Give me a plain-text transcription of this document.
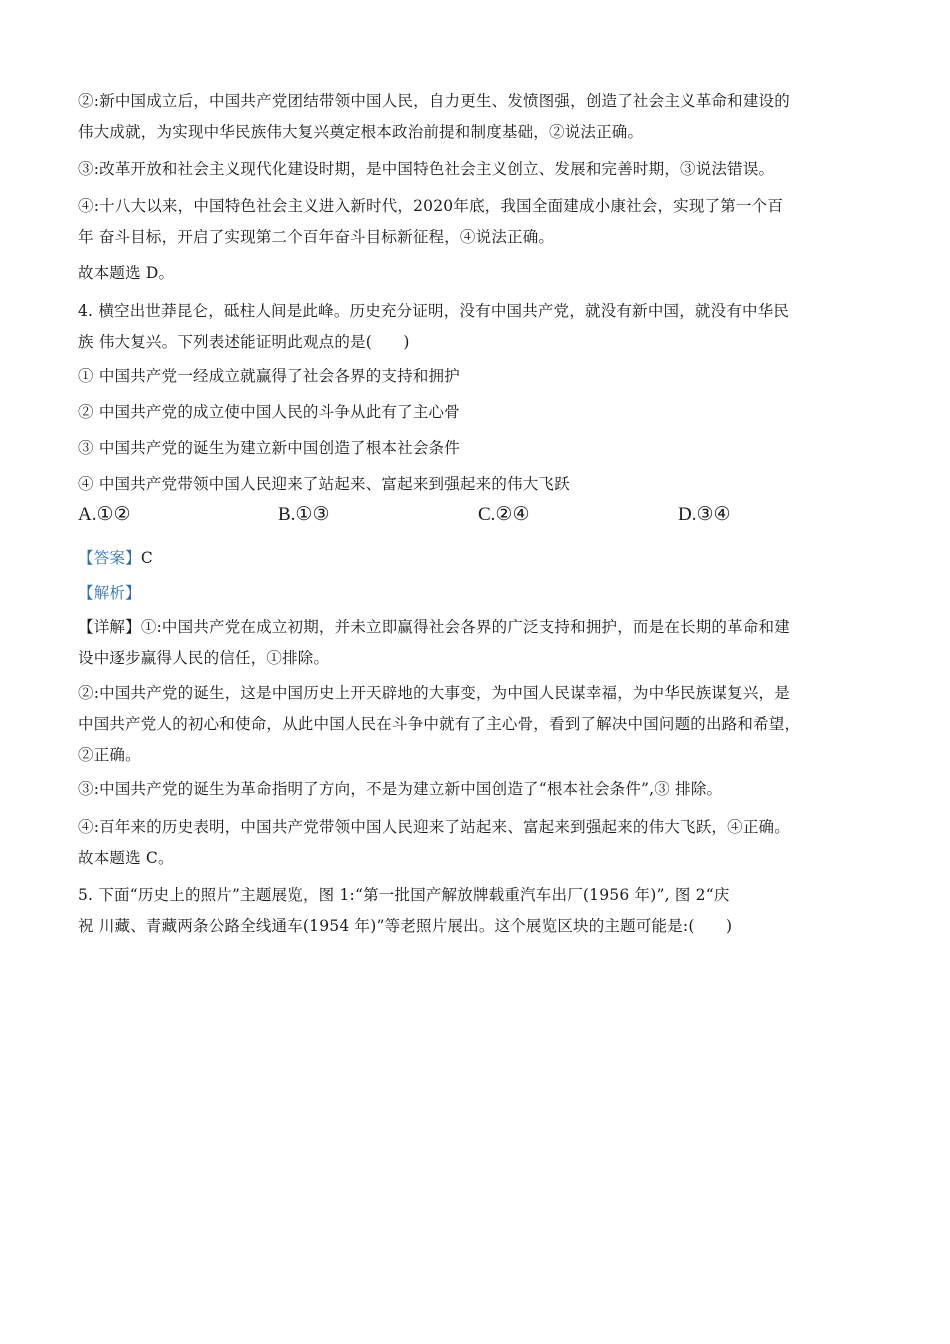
②:新中国成立后，中国共产党团结带领中国人民，自力更生、发愤图强，创造了社会主义革命和建设的
伟大成就，为实现中华民族伟大复兴奠定根本政治前提和制度基础，②说法正确。

③:改革开放和社会主义现代化建设时期，是中国特色社会主义创立、发展和完善时期，③说法错误。

④:十八大以来，中国特色社会主义进入新时代，2020年底，我国全面建成小康社会，实现了第一个百
年 奋斗目标，开启了实现第二个百年奋斗目标新征程，④说法正确。

故本题选 D。

4. 横空出世莽昆仑，砥柱人间是此峰。历史充分证明，没有中国共产党，就没有新中国，就没有中华民
族 伟大复兴。下列表述能证明此观点的是(　　)

① 中国共产党一经成立就赢得了社会各界的支持和拥护

② 中国共产党的成立使中国人民的斗争从此有了主心骨

③ 中国共产党的诞生为建立新中国创造了根本社会条件

④ 中国共产党带领中国人民迎来了站起来、富起来到强起来的伟大飞跃

A.①②	B.①③	C.②④	D.③④

【答案】C

【解析】

【详解】①:中国共产党在成立初期，并未立即赢得社会各界的广泛支持和拥护，而是在长期的革命和建
设中逐步赢得人民的信任，①排除。

②:中国共产党的诞生，这是中国历史上开天辟地的大事变，为中国人民谋幸福，为中华民族谋复兴，是
中国共产党人的初心和使命，从此中国人民在斗争中就有了主心骨，看到了解决中国问题的出路和希望，
②正确。

③:中国共产党的诞生为革命指明了方向，不是为建立新中国创造了“根本社会条件”,③ 排除。

④:百年来的历史表明，中国共产党带领中国人民迎来了站起来、富起来到强起来的伟大飞跃，④正确。
故本题选 C。

5. 下面“历史上的照片”主题展览，图 1:“第一批国产解放牌载重汽车出厂(1956 年)”, 图 2“庆
祝 川藏、青藏两条公路全线通车(1954 年)”等老照片展出。这个展览区块的主题可能是:(　　)
